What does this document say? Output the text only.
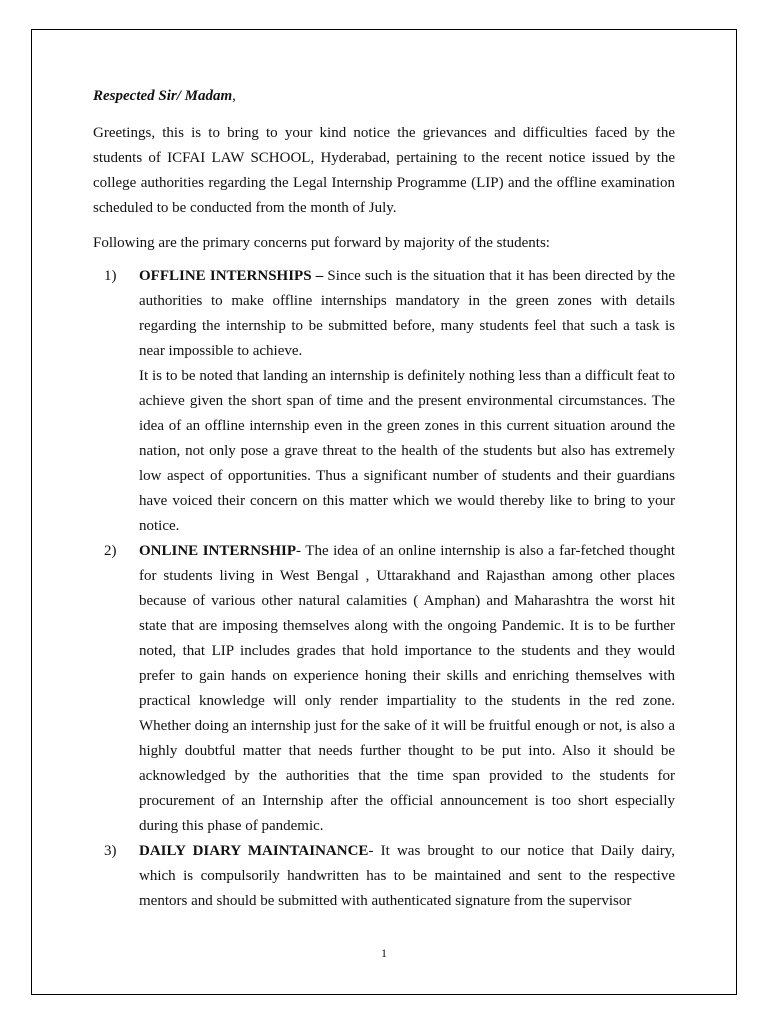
Respected Sir/ Madam,

Greetings, this is to bring to your kind notice the grievances and difficulties faced by the students of ICFAI LAW SCHOOL, Hyderabad, pertaining to the recent notice issued by the college authorities regarding the Legal Internship Programme (LIP) and the offline examination scheduled to be conducted from the month of July.

Following are the primary concerns put forward by majority of the students:

1) OFFLINE INTERNSHIPS – Since such is the situation that it has been directed by the authorities to make offline internships mandatory in the green zones with details regarding the internship to be submitted before, many students feel that such a task is near impossible to achieve.

It is to be noted that landing an internship is definitely nothing less than a difficult feat to achieve given the short span of time and the present environmental circumstances. The idea of an offline internship even in the green zones in this current situation around the nation, not only pose a grave threat to the health of the students but also has extremely low aspect of opportunities. Thus a significant number of students and their guardians have voiced their concern on this matter which we would thereby like to bring to your notice.

2) ONLINE INTERNSHIP- The idea of an online internship is also a far-fetched thought for students living in West Bengal , Uttarakhand and Rajasthan among other places because of various other natural calamities ( Amphan) and Maharashtra the worst hit state that are imposing themselves along with the ongoing Pandemic. It is to be further noted, that LIP includes grades that hold importance to the students and they would prefer to gain hands on experience honing their skills and enriching themselves with practical knowledge will only render impartiality to the students in the red zone. Whether doing an internship just for the sake of it will be fruitful enough or not, is also a highly doubtful matter that needs further thought to be put into. Also it should be acknowledged by the authorities that the time span provided to the students for procurement of an Internship after the official announcement is too short especially during this phase of pandemic.

3) DAILY DIARY MAINTAINANCE- It was brought to our notice that Daily dairy, which is compulsorily handwritten has to be maintained and sent to the respective mentors and should be submitted with authenticated signature from the supervisor

1
